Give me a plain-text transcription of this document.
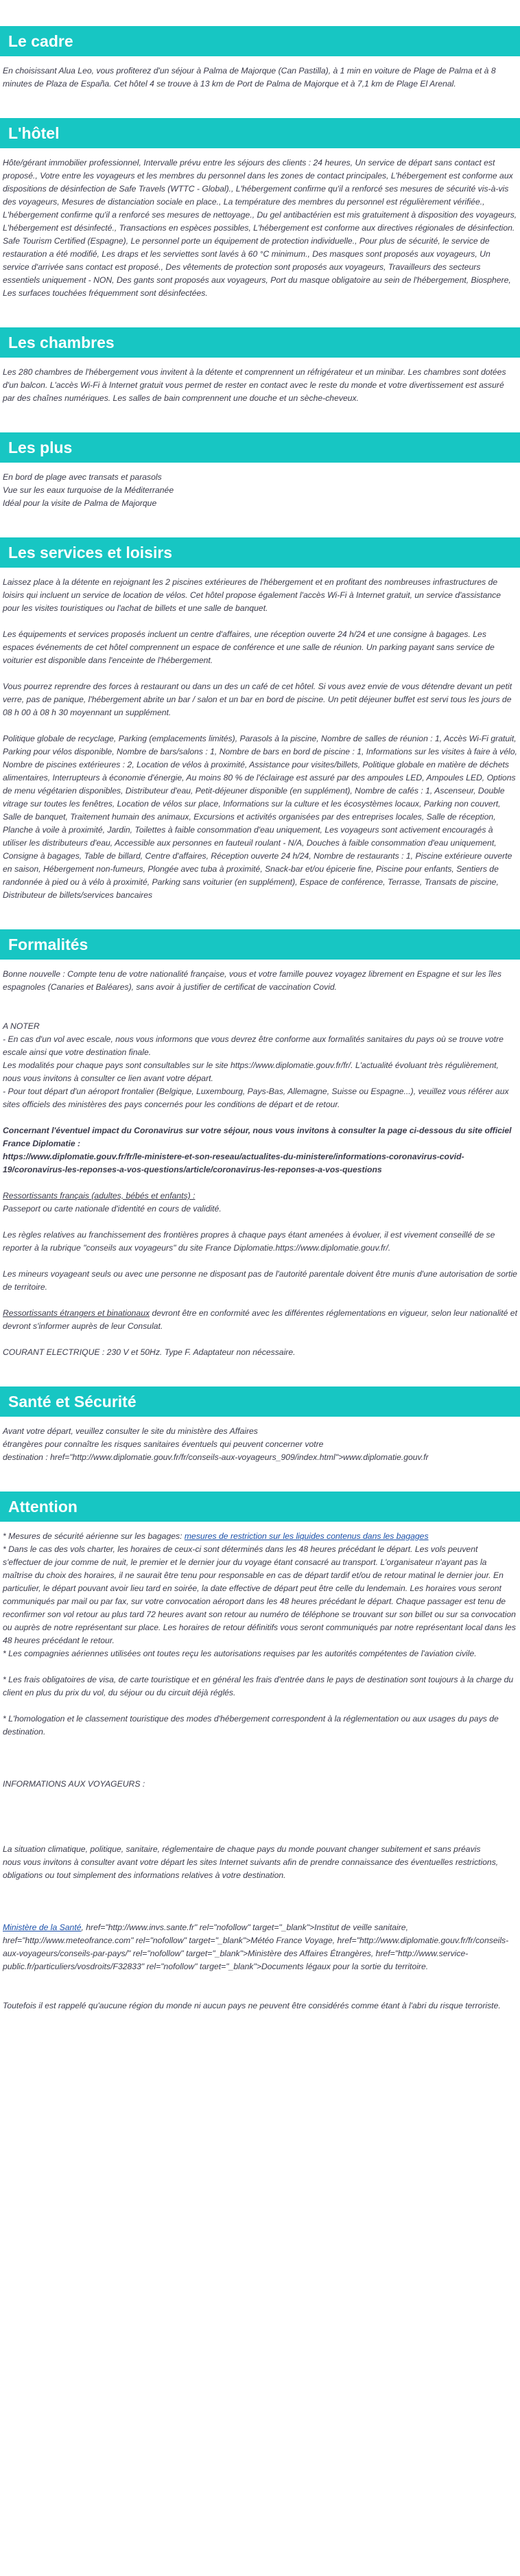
Le cadre

En choisissant Alua Leo, vous profiterez d'un séjour à Palma de Majorque (Can Pastilla), à 1 min en voiture de Plage de Palma et à 8 minutes de Plaza de España. Cet hôtel 4 se trouve à 13 km de Port de Palma de Majorque et à 7,1 km de Plage El Arenal.

L'hôtel

Hôte/gérant immobilier professionnel, Intervalle prévu entre les séjours des clients : 24 heures, Un service de départ sans contact est proposé., Votre entre les voyageurs et les membres du personnel dans les zones de contact principales, L'hébergement est conforme aux dispositions de désinfection de Safe Travels (WTTC - Global)., L'hébergement confirme qu'il a renforcé ses mesures de sécurité vis-à-vis des voyageurs, Mesures de distanciation sociale en place., La température des membres du personnel est régulièrement vérifiée., L'hébergement confirme qu'il a renforcé ses mesures de nettoyage., Du gel antibactérien est mis gratuitement à disposition des voyageurs, L'hébergement est désinfecté., Transactions en espèces possibles, L'hébergement est conforme aux directives régionales de désinfection. Safe Tourism Certified (Espagne), Le personnel porte un équipement de protection individuelle., Pour plus de sécurité, le service de restauration a été modifié, Les draps et les serviettes sont lavés à 60 °C minimum., Des masques sont proposés aux voyageurs, Un service d'arrivée sans contact est proposé., Des vêtements de protection sont proposés aux voyageurs, Travailleurs des secteurs essentiels uniquement - NON, Des gants sont proposés aux voyageurs, Port du masque obligatoire au sein de l'hébergement, Biosphere, Les surfaces touchées fréquemment sont désinfectées.

Les chambres

Les 280 chambres de l'hébergement vous invitent à la détente et comprennent un réfrigérateur et un minibar. Les chambres sont dotées d'un balcon. L'accès Wi-Fi à Internet gratuit vous permet de rester en contact avec le reste du monde et votre divertissement est assuré par des chaînes numériques. Les salles de bain comprennent une douche et un sèche-cheveux.

Les plus
En bord de plage avec transats et parasols
Vue sur les eaux turquoise de la Méditerranée
Idéal pour la visite de Palma de Majorque
Les services et loisirs

Laissez place à la détente en rejoignant les 2 piscines extérieures de l'hébergement et en profitant des nombreuses infrastructures de loisirs qui incluent un service de location de vélos. Cet hôtel propose également l'accès Wi-Fi à Internet gratuit, un service d'assistance pour les visites touristiques ou l'achat de billets et une salle de banquet.

Les équipements et services proposés incluent un centre d'affaires, une réception ouverte 24 h/24 et une consigne à bagages. Les espaces événements de cet hôtel comprennent un espace de conférence et une salle de réunion. Un parking payant sans service de voiturier est disponible dans l'enceinte de l'hébergement.

Vous pourrez reprendre des forces à restaurant ou dans un des un café de cet hôtel. Si vous avez envie de vous détendre devant un petit verre, pas de panique, l'hébergement abrite un bar / salon et un bar en bord de piscine. Un petit déjeuner buffet est servi tous les jours de 08 h 00 à 08 h 30 moyennant un supplément.

Politique globale de recyclage, Parking (emplacements limités), Parasols à la piscine, Nombre de salles de réunion : 1, Accès Wi-Fi gratuit, Parking pour vélos disponible, Nombre de bars/salons : 1, Nombre de bars en bord de piscine : 1, Informations sur les visites à faire à vélo, Nombre de piscines extérieures : 2, Location de vélos à proximité, Assistance pour visites/billets, Politique globale en matière de déchets alimentaires, Interrupteurs à économie d'énergie, Au moins 80 % de l'éclairage est assuré par des ampoules LED, Ampoules LED, Options de menu végétarien disponibles, Distributeur d'eau, Petit-déjeuner disponible (en supplément), Nombre de cafés : 1, Ascenseur, Double vitrage sur toutes les fenêtres, Location de vélos sur place, Informations sur la culture et les écosystèmes locaux, Parking non couvert, Salle de banquet, Traitement humain des animaux, Excursions et activités organisées par des entreprises locales, Salle de réception, Planche à voile à proximité, Jardin, Toilettes à faible consommation d'eau uniquement, Les voyageurs sont activement encouragés à utiliser les distributeurs d'eau, Accessible aux personnes en fauteuil roulant - N/A, Douches à faible consommation d'eau uniquement, Consigne à bagages, Table de billard, Centre d'affaires, Réception ouverte 24 h/24, Nombre de restaurants : 1, Piscine extérieure ouverte en saison, Hébergement non-fumeurs, Plongée avec tuba à proximité, Snack-bar et/ou épicerie fine, Piscine pour enfants, Sentiers de randonnée à pied ou à vélo à proximité, Parking sans voiturier (en supplément), Espace de conférence, Terrasse, Transats de piscine, Distributeur de billets/services bancaires

Formalités

Bonne nouvelle : Compte tenu de votre nationalité française, vous et votre famille pouvez voyagez librement en Espagne et sur les îles espagnoles (Canaries et Baléares), sans avoir à justifier de certificat de vaccination Covid.

A NOTER

- En cas d'un vol avec escale, nous vous informons que vous devrez être conforme aux formalités sanitaires du pays où se trouve votre escale ainsi que votre destination finale.

Les modalités pour chaque pays sont consultables sur le site https://www.diplomatie.gouv.fr/fr/. L'actualité évoluant très régulièrement, nous vous invitons à consulter ce lien avant votre départ.

- Pour tout départ d'un aéroport frontalier (Belgique, Luxembourg, Pays-Bas, Allemagne, Suisse ou Espagne...), veuillez vous référer aux sites officiels des ministères des pays concernés pour les conditions de départ et de retour.

Concernant l'éventuel impact du Coronavirus sur votre séjour, nous vous invitons à consulter la page ci-dessous du site officiel France Diplomatie :

https://www.diplomatie.gouv.fr/fr/le-ministere-et-son-reseau/actualites-du-ministere/informations-coronavirus-covid-19/coronavirus-les-reponses-a-vos-questions/article/coronavirus-les-reponses-a-vos-questions

Ressortissants français (adultes, bébés et enfants) :

Passeport ou carte nationale d'identité en cours de validité.

Les règles relatives au franchissement des frontières propres à chaque pays étant amenées à évoluer, il est vivement conseillé de se reporter à la rubrique "conseils aux voyageurs" du site France Diplomatie.https://www.diplomatie.gouv.fr/.

Les mineurs voyageant seuls ou avec une personne ne disposant pas de l'autorité parentale doivent être munis d'une autorisation de sortie de territoire.

Ressortissants étrangers et binationaux devront être en conformité avec les différentes réglementations en vigueur, selon leur nationalité et devront s'informer auprès de leur Consulat.

COURANT ELECTRIQUE : 230 V et 50Hz. Type F. Adaptateur non nécessaire.

Santé et Sécurité

Avant votre départ, veuillez consulter le site du ministère des Affaires

étrangères pour connaître les risques sanitaires éventuels qui peuvent concerner votre

destination : href="http://www.diplomatie.gouv.fr/fr/conseils-aux-voyageurs_909/index.html">www.diplomatie.gouv.fr

Attention

* Mesures de sécurité aérienne sur les bagages: mesures de restriction sur les liquides contenus dans les bagages

* Dans le cas des vols charter, les horaires de ceux-ci sont déterminés dans les 48 heures précédant le départ. Les vols peuvent s'effectuer de jour comme de nuit, le premier et le dernier jour du voyage étant consacré au transport. L'organisateur n'ayant pas la maîtrise du choix des horaires, il ne saurait être tenu pour responsable en cas de départ tardif et/ou de retour matinal le dernier jour. En particulier, le départ pouvant avoir lieu tard en soirée, la date effective de départ peut être celle du lendemain. Les horaires vous seront communiqués par mail ou par fax, sur votre convocation aéroport dans les 48 heures précédant le départ. Chaque passager est tenu de reconfirmer son vol retour au plus tard 72 heures avant son retour au numéro de téléphone se trouvant sur son billet ou sur sa convocation ou auprès de notre représentant sur place. Les horaires de retour définitifs vous seront communiqués par notre représentant local dans les 48 heures précédant le retour.

* Les compagnies aériennes utilisées ont toutes reçu les autorisations requises par les autorités compétentes de l'aviation civile.

* Les frais obligatoires de visa, de carte touristique et en général les frais d'entrée dans le pays de destination sont toujours à la charge du client en plus du prix du vol, du séjour ou du circuit déjà réglés.

* L'homologation et le classement touristique des modes d'hébergement correspondent à la réglementation ou aux usages du pays de destination.

INFORMATIONS AUX VOYAGEURS :

La situation climatique, politique, sanitaire, réglementaire de chaque pays du monde pouvant changer subitement et sans préavis

nous vous invitons à consulter avant votre départ les sites Internet suivants afin de prendre connaissance des éventuelles restrictions, obligations ou tout simplement des informations relatives à votre destination.

Ministère de la Santé, href="http://www.invs.sante.fr" rel="nofollow" target="_blank">Institut de veille sanitaire, href="http://www.meteofrance.com" rel="nofollow" target="_blank">Météo France Voyage, href="http://www.diplomatie.gouv.fr/fr/conseils-aux-voyageurs/conseils-par-pays/" rel="nofollow" target="_blank">Ministère des Affaires Étrangères, href="http://www.service-public.fr/particuliers/vosdroits/F32833" rel="nofollow" target="_blank">Documents légaux pour la sortie du territoire.

Toutefois il est rappelé qu'aucune région du monde ni aucun pays ne peuvent être considérés comme étant à l'abri du risque terroriste.
